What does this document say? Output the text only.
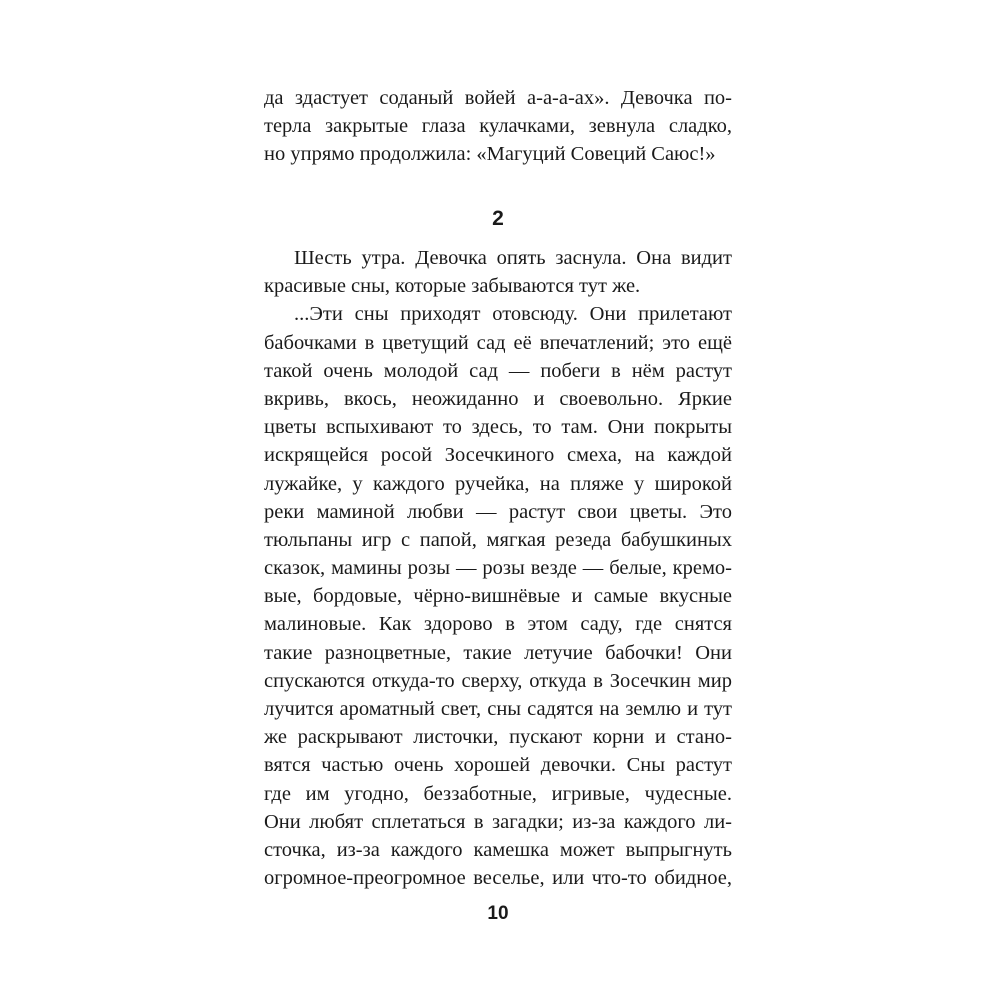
да здастует соданый войей а-а-а-ах». Девочка по-
терла закрытые глаза кулачками, зевнула сладко,
но упрямо продолжила: «Магуций Совеций Саюс!»
2
Шесть утра. Девочка опять заснула. Она видит
красивые сны, которые забываются тут же.
...Эти сны приходят отовсюду. Они прилетают
бабочками в цветущий сад её впечатлений; это ещё
такой очень молодой сад — побеги в нём растут
вкривь, вкось, неожиданно и своевольно. Яркие
цветы вспыхивают то здесь, то там. Они покрыты
искрящейся росой Зосечкиного смеха, на каждой
лужайке, у каждого ручейка, на пляже у широкой
реки маминой любви — растут свои цветы. Это
тюльпаны игр с папой, мягкая резеда бабушкиных
сказок, мамины розы — розы везде — белые, кремо-
вые, бордовые, чёрно-вишнёвые и самые вкусные
малиновые. Как здорово в этом саду, где снятся
такие разноцветные, такие летучие бабочки! Они
спускаются откуда-то сверху, откуда в Зосечкин мир
лучится ароматный свет, сны садятся на землю и тут
же раскрывают листочки, пускают корни и стано-
вятся частью очень хорошей девочки. Сны растут
где им угодно, беззаботные, игривые, чудесные.
Они любят сплетаться в загадки; из-за каждого ли-
сточка, из-за каждого камешка может выпрыгнуть
огромное-преогромное веселье, или что-то обидное,
10
